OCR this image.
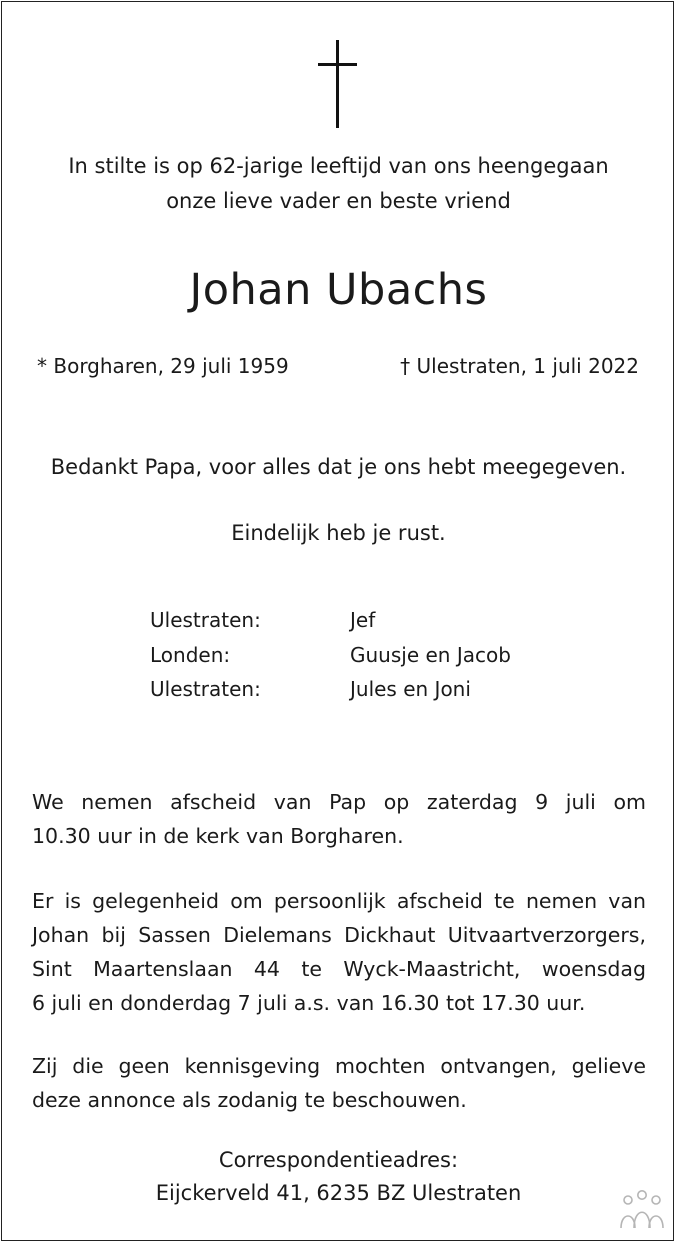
In stilte is op 62-jarige leeftijd van ons heengegaan
onze lieve vader en beste vriend
Johan Ubachs
* Borgharen, 29 juli 1959	† Ulestraten, 1 juli 2022
Bedankt Papa, voor alles dat je ons hebt meegegeven.
Eindelijk heb je rust.
Ulestraten:	Jef
Londen:	Guusje en Jacob
Ulestraten:	Jules en Joni
We nemen afscheid van Pap op zaterdag 9 juli om
10.30 uur in de kerk van Borgharen.
Er is gelegenheid om persoonlijk afscheid te nemen van
Johan bij Sassen Dielemans Dickhaut Uitvaartverzorgers,
Sint Maartenslaan 44 te Wyck-Maastricht, woensdag
6 juli en donderdag 7 juli a.s. van 16.30 tot 17.30 uur.
Zij die geen kennisgeving mochten ontvangen, gelieve
deze annonce als zodanig te beschouwen.
Correspondentieadres:
Eijckerveld 41, 6235 BZ Ulestraten
